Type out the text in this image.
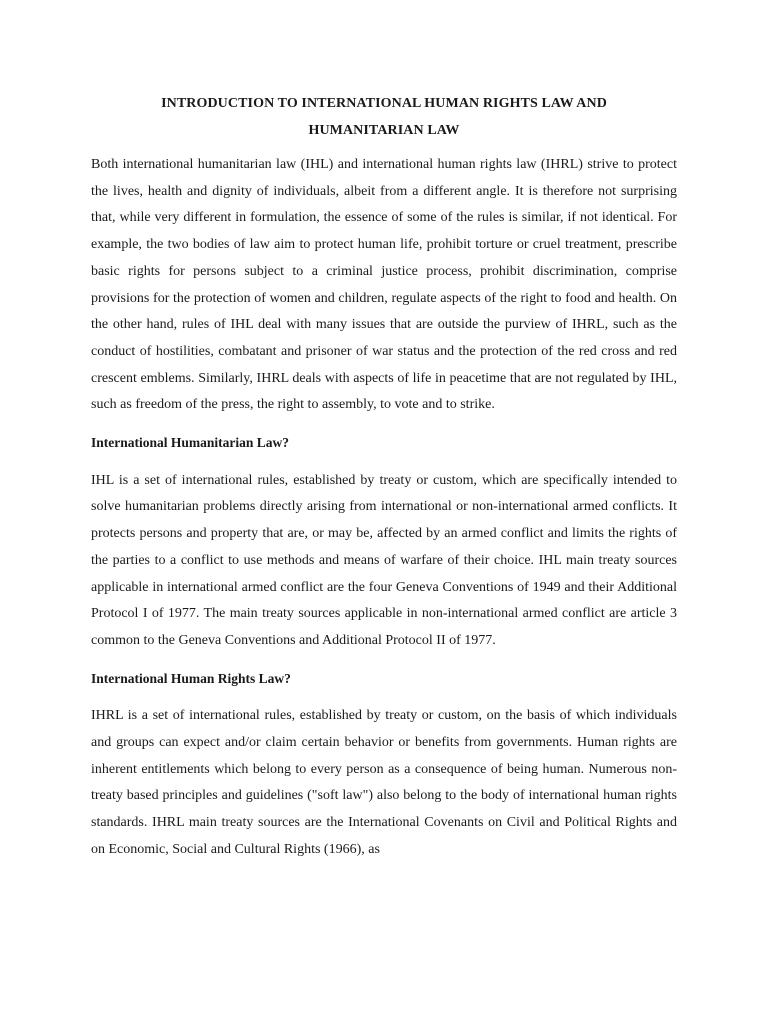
INTRODUCTION TO INTERNATIONAL HUMAN RIGHTS LAW AND
HUMANITARIAN LAW

Both international humanitarian law (IHL) and international human rights law (IHRL) strive to protect the lives, health and dignity of individuals, albeit from a different angle. It is therefore not surprising that, while very different in formulation, the essence of some of the rules is similar, if not identical. For example, the two bodies of law aim to protect human life, prohibit torture or cruel treatment, prescribe basic rights for persons subject to a criminal justice process, prohibit discrimination, comprise provisions for the protection of women and children, regulate aspects of the right to food and health. On the other hand, rules of IHL deal with many issues that are outside the purview of IHRL, such as the conduct of hostilities, combatant and prisoner of war status and the protection of the red cross and red crescent emblems. Similarly, IHRL deals with aspects of life in peacetime that are not regulated by IHL, such as freedom of the press, the right to assembly, to vote and to strike.

International Humanitarian Law?

IHL is a set of international rules, established by treaty or custom, which are specifically intended to solve humanitarian problems directly arising from international or non-international armed conflicts. It protects persons and property that are, or may be, affected by an armed conflict and limits the rights of the parties to a conflict to use methods and means of warfare of their choice. IHL main treaty sources applicable in international armed conflict are the four Geneva Conventions of 1949 and their Additional Protocol I of 1977. The main treaty sources applicable in non-international armed conflict are article 3 common to the Geneva Conventions and Additional Protocol II of 1977.

International Human Rights Law?

IHRL is a set of international rules, established by treaty or custom, on the basis of which individuals and groups can expect and/or claim certain behavior or benefits from governments. Human rights are inherent entitlements which belong to every person as a consequence of being human. Numerous non-treaty based principles and guidelines ("soft law") also belong to the body of international human rights standards. IHRL main treaty sources are the International Covenants on Civil and Political Rights and on Economic, Social and Cultural Rights (1966), as
